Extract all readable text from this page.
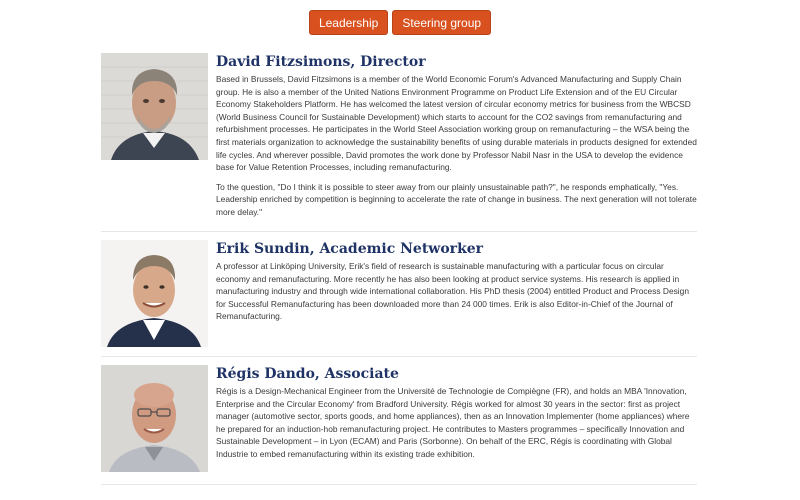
Leadership	Steering group
David Fitzsimons, Director

Based in Brussels, David Fitzsimons is a member of the World Economic Forum's Advanced Manufacturing and Supply Chain group. He is also a member of the United Nations Environment Programme on Product Life Extension and of the EU Circular Economy Stakeholders Platform. He has welcomed the latest version of circular economy metrics for business from the WBCSD (World Business Council for Sustainable Development) which starts to account for the CO2 savings from remanufacturing and refurbishment processes. He participates in the World Steel Association working group on remanufacturing – the WSA being the first materials organization to acknowledge the sustainability benefits of using durable materials in products designed for extended life cycles. And wherever possible, David promotes the work done by Professor Nabil Nasr in the USA to develop the evidence base for Value Retention Processes, including remanufacturing.

To the question, "Do I think it is possible to steer away from our plainly unsustainable path?", he responds emphatically, "Yes. Leadership enriched by competition is beginning to accelerate the rate of change in business. The next generation will not tolerate more delay."

Erik Sundin, Academic Networker

A professor at Linköping University, Erik's field of research is sustainable manufacturing with a particular focus on circular economy and remanufacturing. More recently he has also been looking at product service systems. His research is applied in manufacturing industry and through wide international collaboration. His PhD thesis (2004) entitled Product and Process Design for Successful Remanufacturing has been downloaded more than 24 000 times. Erik is also Editor-in-Chief of the Journal of Remanufacturing.

Régis Dando, Associate

Régis is a Design-Mechanical Engineer from the Université de Technologie de Compiègne (FR), and holds an MBA 'Innovation, Enterprise and the Circular Economy' from Bradford University. Régis worked for almost 30 years in the sector: first as project manager (automotive sector, sports goods, and home appliances), then as an Innovation Implementer (home appliances) where he prepared for an induction-hob remanufacturing project. He contributes to Masters programmes – specifically Innovation and Sustainable Development – in Lyon (ECAM) and Paris (Sorbonne). On behalf of the ERC, Régis is coordinating with Global Industrie to embed remanufacturing within its existing trade exhibition.
